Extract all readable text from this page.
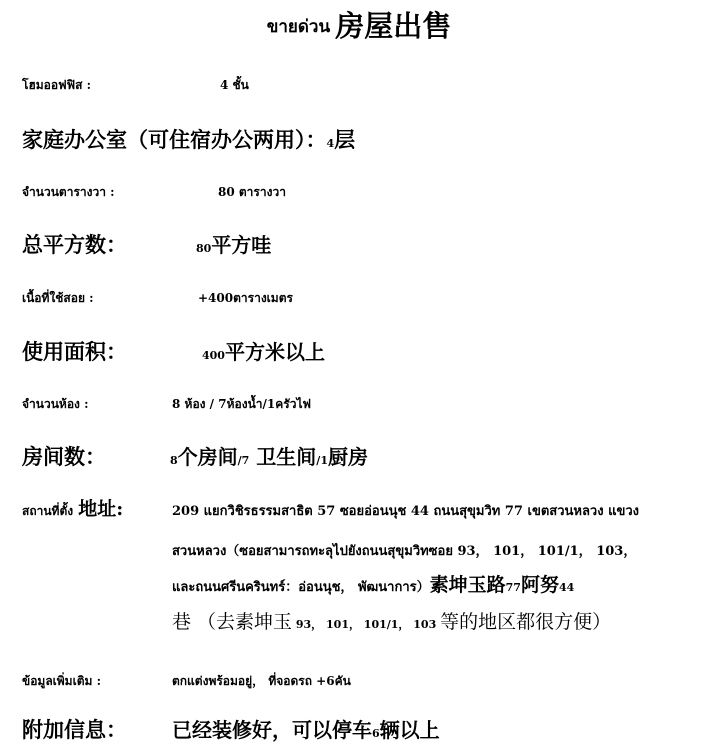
ขายด่วน 房屋出售
โฮมออฟฟิส :	4 ชั้น
家庭办公室（可住宿办公两用）：4层
จำนวนตารางวา :	80 ตารางวา
总平方数：	80平方哇
เนื้อที่ใช้สอย :	+400ตารางเมตร
使用面积：	400平方米以上
จำนวนห้อง :	8 ห้อง / 7ห้องน้ำ/1ครัวไฟ
房间数：	8个房间/7 卫生间/1厨房
สถานที่ตั้ง 地址:	209 แยกวิชิรธรรมสาธิต 57 ซอยอ่อนนุช 44 ถนนสุขุมวิท 77 เขตสวนหลวง แขวง
สวนหลวง（ซอยสามารถทะลุไปยังถนนสุขุมวิทซอย 93， 101， 101/1， 103，
และถนนศรีนครินทร์：อ่อนนุช， พัฒนาการ）素坤玉路77阿努44
巷 （去素坤玉 93， 101， 101/1， 103 等的地区都很方便）
ข้อมูลเพิ่มเติม :	ตกแต่งพร้อมอยู่， ที่จอดรถ +6คัน
附加信息： 已经装修好，可以停车6辆以上
